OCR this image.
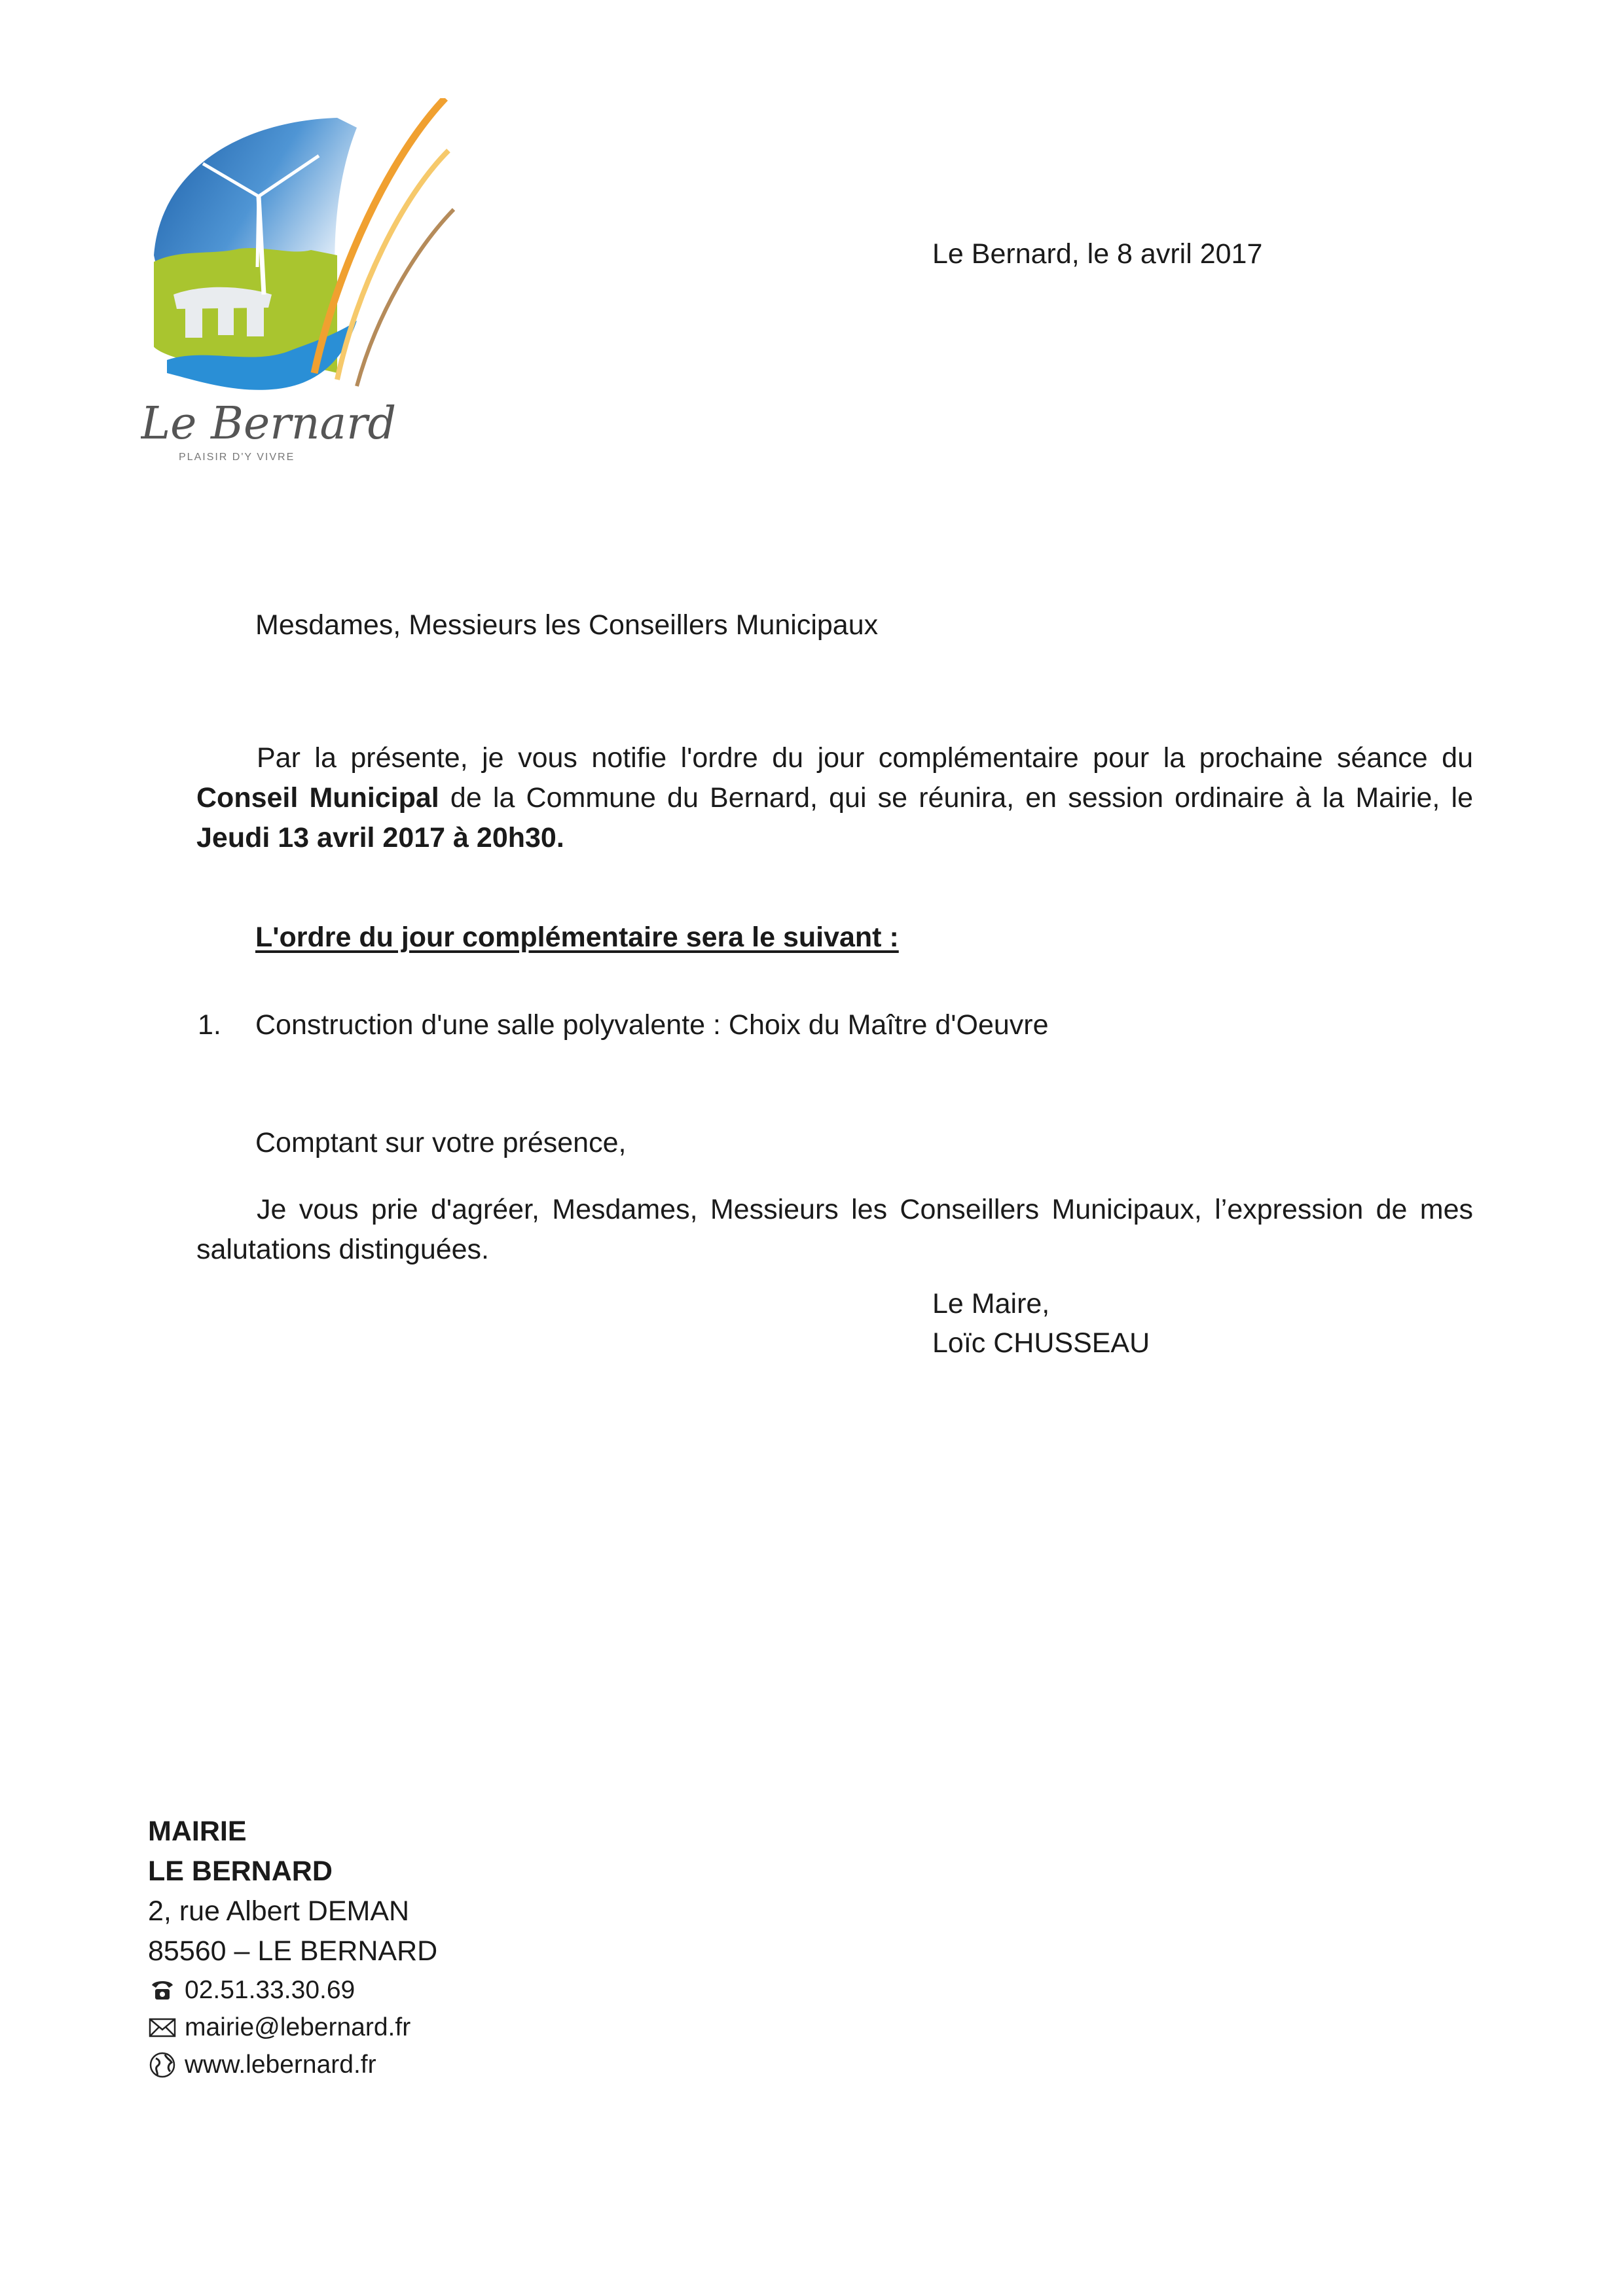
Le Bernard
PLAISIR D'Y VIVRE
Le Bernard, le 8 avril 2017
Mesdames, Messieurs les Conseillers Municipaux

Par la présente, je vous notifie l'ordre du jour complémentaire pour la prochaine séance du Conseil Municipal de la Commune du Bernard, qui se réunira, en session ordinaire à la Mairie, le Jeudi 13 avril 2017 à 20h30.

L'ordre du jour complémentaire sera le suivant :
1. Construction d'une salle polyvalente : Choix du Maître d'Oeuvre
Comptant sur votre présence,

Je vous prie d'agréer, Mesdames, Messieurs les Conseillers Municipaux, l’expression de mes salutations distinguées.

Le Maire,
Loïc CHUSSEAU
MAIRIE
LE BERNARD
2, rue Albert DEMAN
85560 – LE BERNARD
02.51.33.30.69
mairie@lebernard.fr
www.lebernard.fr
